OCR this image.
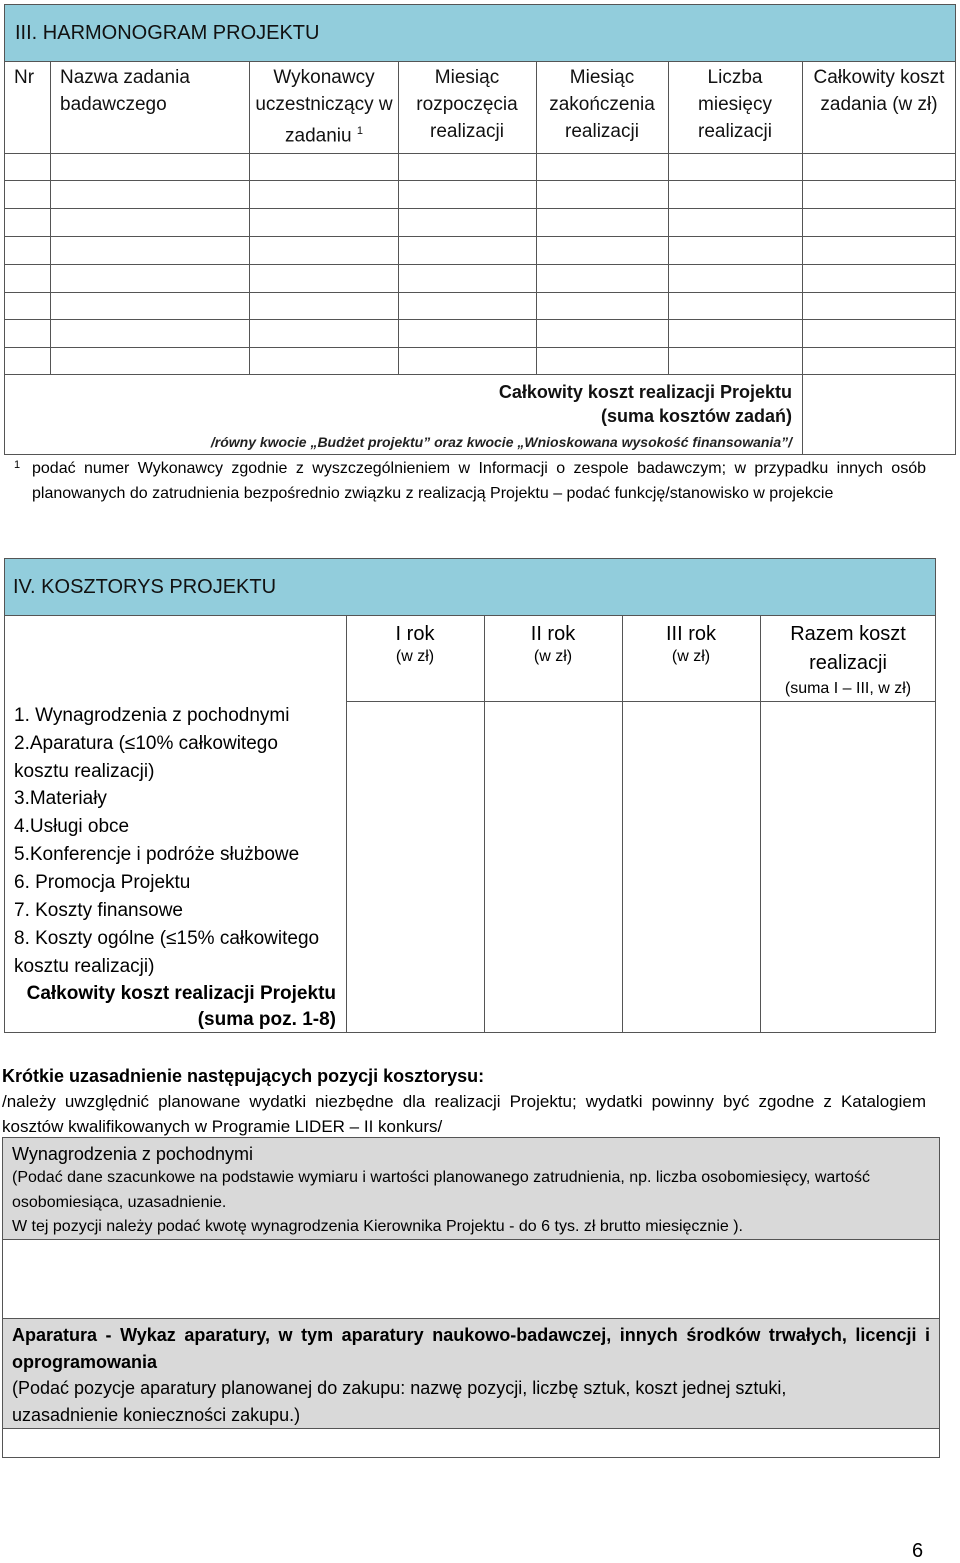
III. HARMONOGRAM PROJEKTU
Nr Nazwa zadania badawczego
Wykonawcy uczestniczący w zadaniu $^1$
Miesiąc rozpoczęcia realizacji
Miesiąc zakończenia realizacji
Liczba miesięcy realizacji
Całkowity koszt zadania (w zł)
Całkowity koszt realizacji Projektu
(suma kosztów zadań)
/równy kwocie „Budżet projektu” oraz kwocie „Wnioskowana wysokość finansowania”/
1 podać numer Wykonawcy zgodnie z wyszczególnieniem w Informacji o zespole badawczym; w przypadku innych osób planowanych do zatrudnienia bezpośrednio związku z realizacją Projektu – podać funkcję/stanowisko w projekcie
IV. KOSZTORYS PROJEKTU
I rok
(w zł)
II rok
(w zł)
III rok
(w zł)
Razem koszt realizacji
(suma I – III, w zł)
1. Wynagrodzenia z pochodnymi
2.Aparatura (≤10% całkowitego kosztu realizacji)
3.Materiały
4.Usługi obce
5.Konferencje i podróże służbowe
6. Promocja Projektu
7. Koszty finansowe
8. Koszty ogólne (≤15% całkowitego kosztu realizacji)
Całkowity koszt realizacji Projektu
(suma poz. 1-8)
Krótkie uzasadnienie następujących pozycji kosztorysu:
/należy uwzględnić planowane wydatki niezbędne dla realizacji Projektu; wydatki powinny być zgodne z Katalogiem kosztów kwalifikowanych w Programie LIDER – II konkurs/
Wynagrodzenia z pochodnymi
(Podać dane szacunkowe na podstawie wymiaru i wartości planowanego zatrudnienia, np. liczba osobomiesięcy, wartość osobomiesiąca, uzasadnienie.
W tej pozycji należy podać kwotę wynagrodzenia Kierownika Projektu - do 6 tys. zł brutto miesięcznie ).
Aparatura - Wykaz aparatury, w tym aparatury naukowo-badawczej, innych środków trwałych, licencji i oprogramowania
(Podać pozycje aparatury planowanej do zakupu: nazwę pozycji, liczbę sztuk, koszt jednej sztuki, uzasadnienie konieczności zakupu.)
6
